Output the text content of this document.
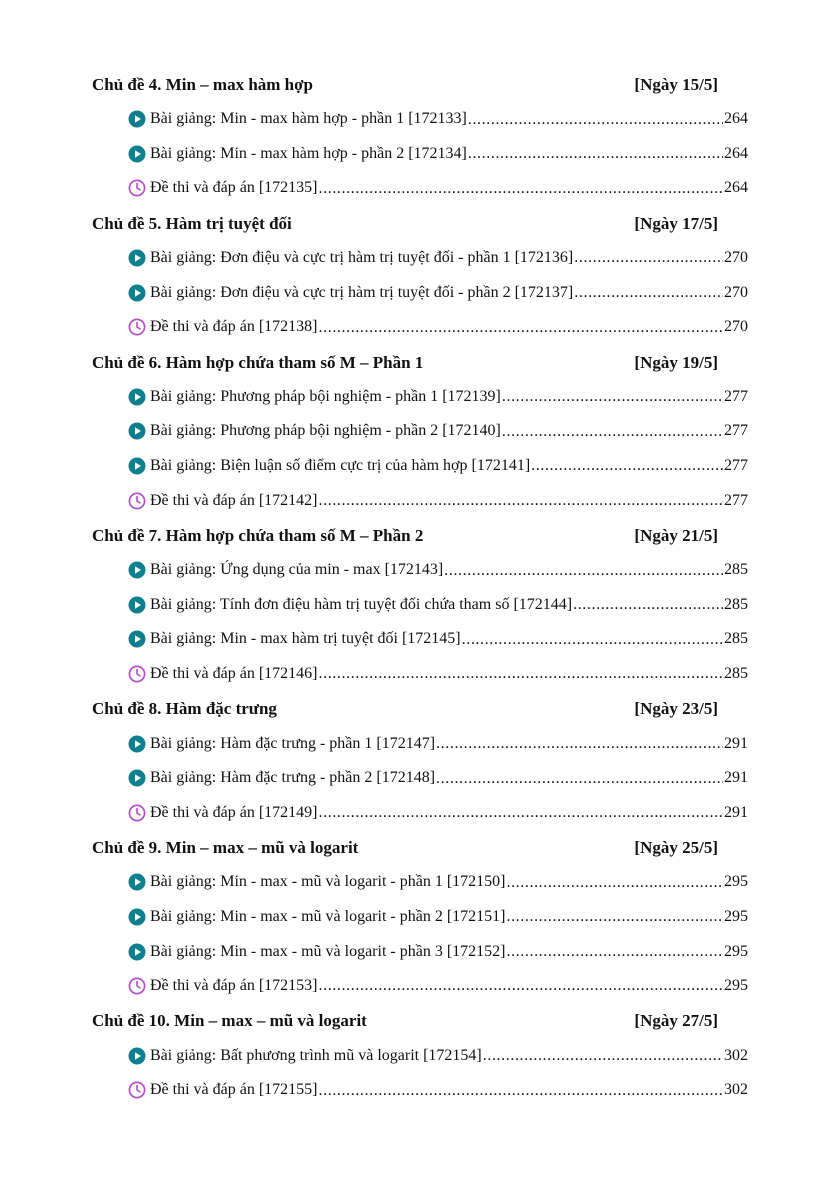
Chủ đề 4. Min – max hàm hợp	[Ngày 15/5]
Bài giảng: Min - max hàm hợp - phần 1 [172133] .....	264
Bài giảng: Min - max hàm hợp - phần 2 [172134] .....	264
Đề thi và đáp án [172135] .....	264
Chủ đề 5. Hàm trị tuyệt đối	[Ngày 17/5]
Bài giảng: Đơn điệu và cực trị hàm trị tuyệt đối - phần 1 [172136] .....	270
Bài giảng: Đơn điệu và cực trị hàm trị tuyệt đối - phần 2 [172137] .....	270
Đề thi và đáp án [172138] .....	270
Chủ đề 6. Hàm hợp chứa tham số M – Phần 1	[Ngày 19/5]
Bài giảng: Phương pháp bội nghiệm - phần 1 [172139] .....	277
Bài giảng: Phương pháp bội nghiệm - phần 2 [172140] .....	277
Bài giảng: Biện luận số điểm cực trị của hàm hợp [172141] .....	277
Đề thi và đáp án [172142] .....	277
Chủ đề 7. Hàm hợp chứa tham số M – Phần 2	[Ngày 21/5]
Bài giảng: Ứng dụng của min - max [172143] .....	285
Bài giảng: Tính đơn điệu hàm trị tuyệt đối chứa tham số [172144] .....	285
Bài giảng: Min - max hàm trị tuyệt đối [172145] .....	285
Đề thi và đáp án [172146] .....	285
Chủ đề 8. Hàm đặc trưng	[Ngày 23/5]
Bài giảng: Hàm đặc trưng - phần 1 [172147] .....	291
Bài giảng: Hàm đặc trưng - phần 2 [172148] .....	291
Đề thi và đáp án [172149] .....	291
Chủ đề 9. Min – max – mũ và logarit	[Ngày 25/5]
Bài giảng: Min - max - mũ và logarit - phần 1 [172150] .....	295
Bài giảng: Min - max - mũ và logarit - phần 2 [172151] .....	295
Bài giảng: Min - max - mũ và logarit - phần 3 [172152] .....	295
Đề thi và đáp án [172153] .....	295
Chủ đề 10. Min – max – mũ và logarit	[Ngày 27/5]
Bài giảng: Bất phương trình mũ và logarit [172154] .....	302
Đề thi và đáp án [172155] .....	302
